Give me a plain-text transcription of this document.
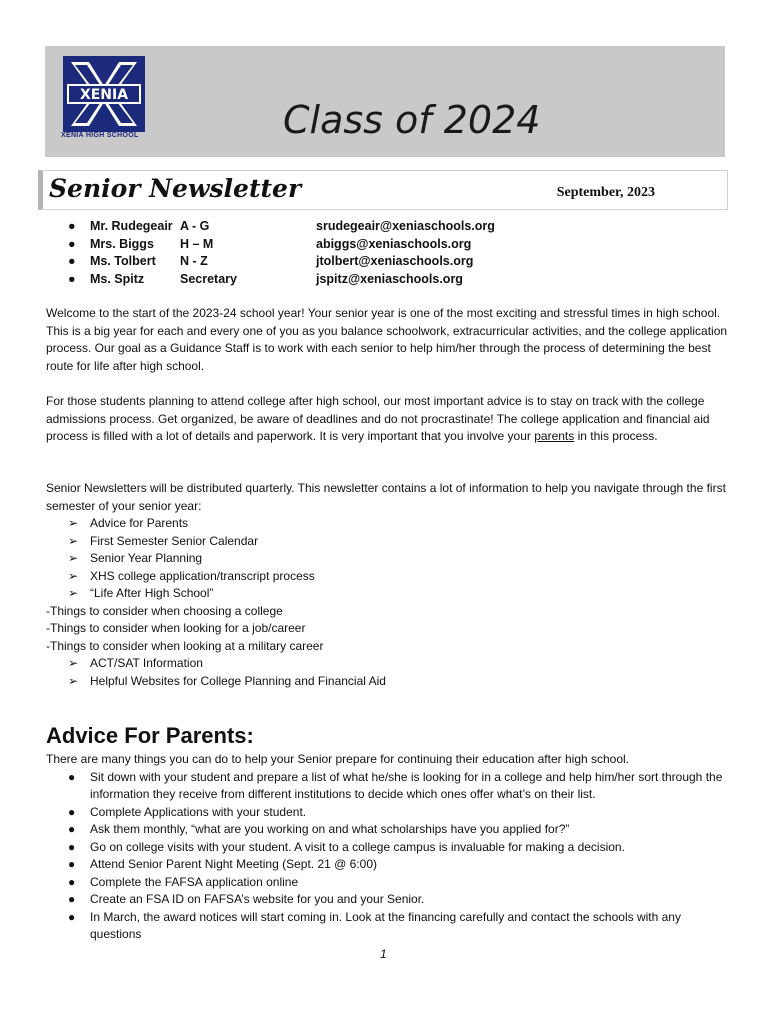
XENIA
XENIA HIGH SCHOOL	Class of 2024
Senior Newsletter	September, 2023
● Mr. Rudegeair A - G	srudegeair@xeniaschools.org
● Mrs. Biggs H – M	abiggs@xeniaschools.org
● Ms. Tolbert N - Z	jtolbert@xeniaschools.org
● Ms. Spitz	Secretary	jspitz@xeniaschools.org
Welcome to the start of the 2023-24 school year! Your senior year is one of the most exciting and stressful times in high school. This is a big year for each and every one of you as you balance schoolwork, extracurricular activities, and the college application process. Our goal as a Guidance Staff is to work with each senior to help him/her through the process of determining the best route for life after high school.
For those students planning to attend college after high school, our most important advice is to stay on track with the college admissions process. Get organized, be aware of deadlines and do not procrastinate! The college application and financial aid process is filled with a lot of details and paperwork. It is very important that you involve your parents in this process.
Senior Newsletters will be distributed quarterly. This newsletter contains a lot of information to help you navigate through the first semester of your senior year:
➢ Advice for Parents
➢ First Semester Senior Calendar
➢ Senior Year Planning
➢ XHS college application/transcript process
➢ “Life After High School”
-Things to consider when choosing a college
-Things to consider when looking for a job/career
-Things to consider when looking at a military career
➢ ACT/SAT Information
➢ Helpful Websites for College Planning and Financial Aid
Advice For Parents:
There are many things you can do to help your Senior prepare for continuing their education after high school.
● Sit down with your student and prepare a list of what he/she is looking for in a college and help him/her sort through the information they receive from different institutions to decide which ones offer what’s on their list.
● Complete Applications with your student.
● Ask them monthly, “what are you working on and what scholarships have you applied for?”
● Go on college visits with your student. A visit to a college campus is invaluable for making a decision.
● Attend Senior Parent Night Meeting (Sept. 21 @ 6:00)
● Complete the FAFSA application online
● Create an FSA ID on FAFSA’s website for you and your Senior.
● In March, the award notices will start coming in. Look at the financing carefully and contact the schools with any questions
1
